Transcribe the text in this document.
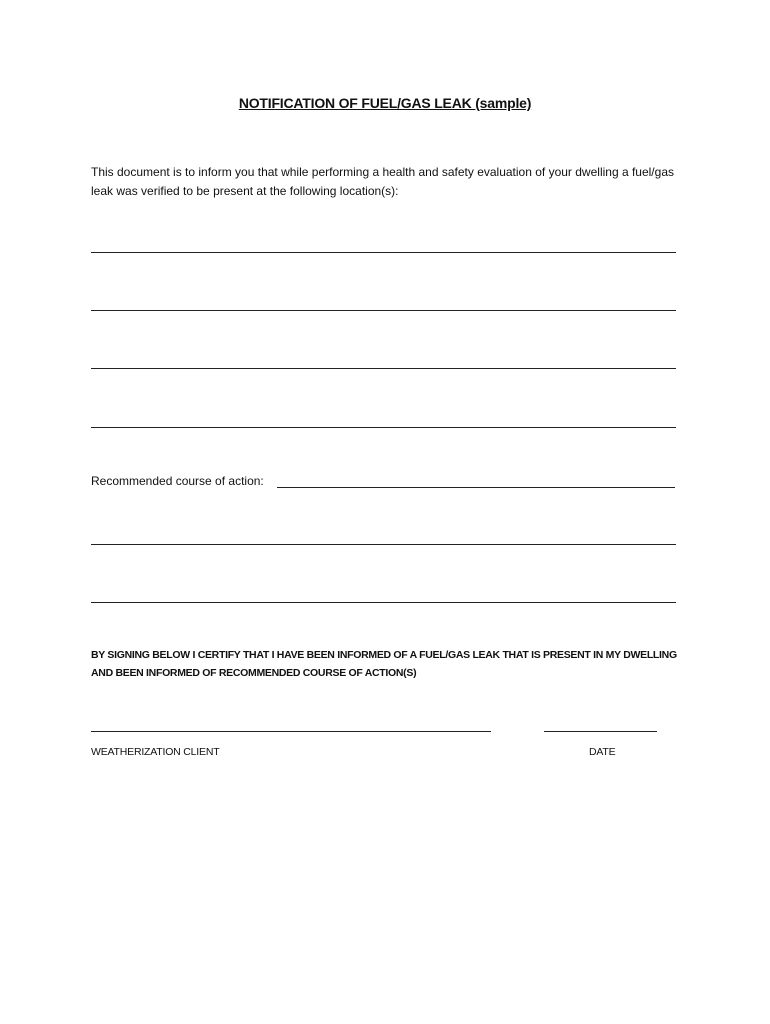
NOTIFICATION OF FUEL/GAS LEAK (sample)
This document is to inform you that while performing a health and safety evaluation of your dwelling a fuel/gas leak was verified to be present at the following location(s):
Recommended course of action:
BY SIGNING BELOW I CERTIFY THAT I HAVE BEEN INFORMED OF A FUEL/GAS LEAK THAT IS PRESENT IN MY DWELLING AND BEEN INFORMED OF RECOMMENDED COURSE OF ACTION(S)
WEATHERIZATION CLIENT	DATE
